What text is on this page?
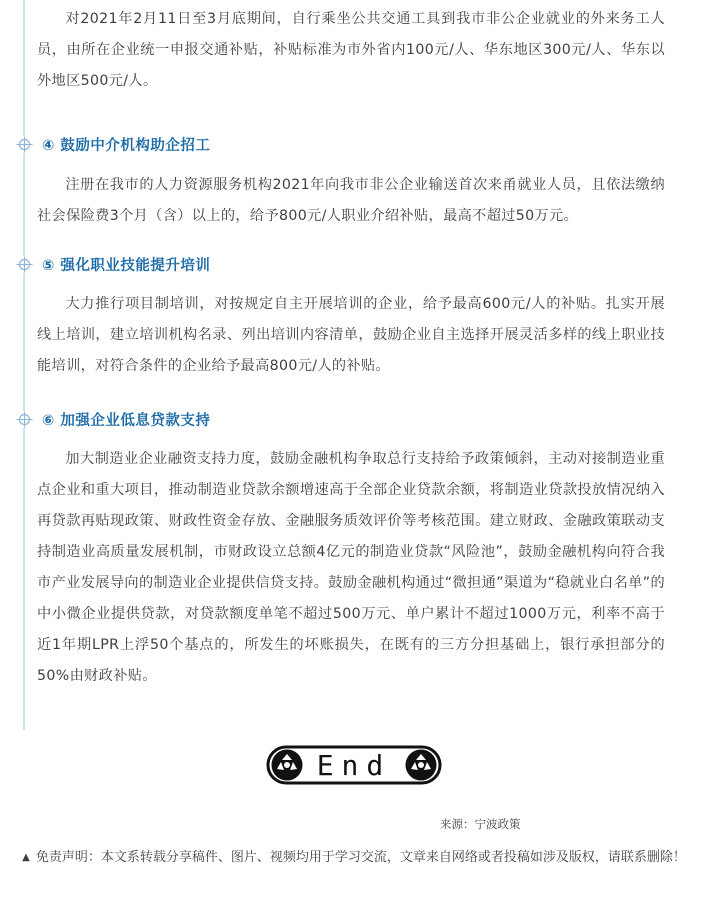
对2021年2月11日至3月底期间，自行乘坐公共交通工具到我市非公企业就业的外来务工人员，由所在企业统一申报交通补贴，补贴标准为市外省内100元/人、华东地区300元/人、华东以外地区500元/人。

④ 鼓励中介机构助企招工

注册在我市的人力资源服务机构2021年向我市非公企业输送首次来甬就业人员，且依法缴纳社会保险费3个月（含）以上的，给予800元/人职业介绍补贴，最高不超过50万元。

⑤ 强化职业技能提升培训

大力推行项目制培训，对按规定自主开展培训的企业，给予最高600元/人的补贴。扎实开展线上培训，建立培训机构名录、列出培训内容清单，鼓励企业自主选择开展灵活多样的线上职业技能培训，对符合条件的企业给予最高800元/人的补贴。

⑥ 加强企业低息贷款支持

加大制造业企业融资支持力度，鼓励金融机构争取总行支持给予政策倾斜，主动对接制造业重点企业和重大项目，推动制造业贷款余额增速高于全部企业贷款余额，将制造业贷款投放情况纳入再贷款再贴现政策、财政性资金存放、金融服务质效评价等考核范围。建立财政、金融政策联动支持制造业高质量发展机制，市财政设立总额4亿元的制造业贷款“风险池”，鼓励金融机构向符合我市产业发展导向的制造业企业提供信贷支持。鼓励金融机构通过“微担通”渠道为“稳就业白名单”的中小微企业提供贷款，对贷款额度单笔不超过500万元、单户累计不超过1000万元，利率不高于近1年期LPR上浮50个基点的，所发生的坏账损失，在既有的三方分担基础上，银行承担部分的50%由财政补贴。

End
来源：宁波政策

▲ 免责声明：本文系转载分享稿件、图片、视频均用于学习交流，文章来自网络或者投稿如涉及版权，请联系删除！
